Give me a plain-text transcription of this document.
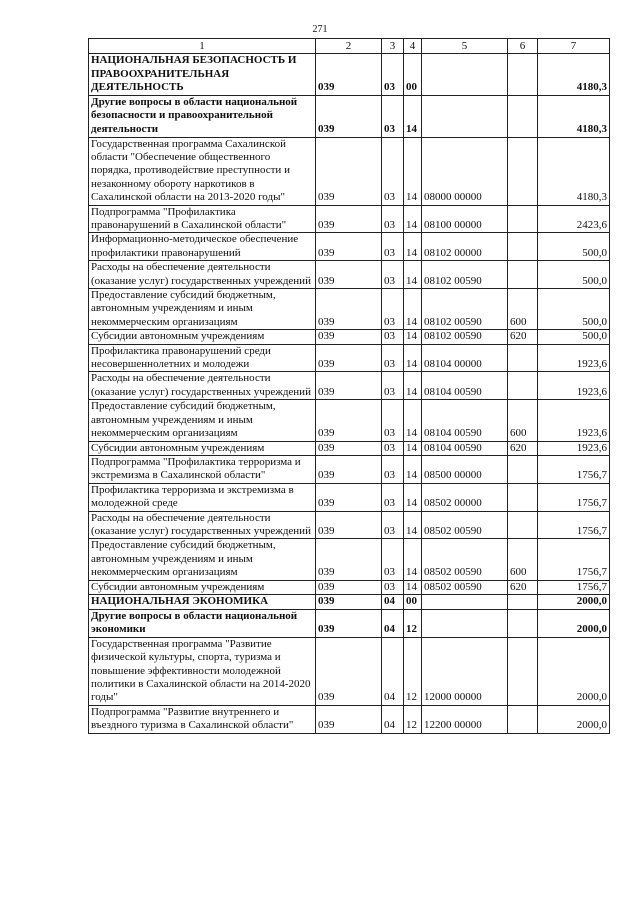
271
1	2	3	4	5	6	7
НАЦИОНАЛЬНАЯ БЕЗОПАСНОСТЬ И ПРАВООХРАНИТЕЛЬНАЯ ДЕЯТЕЛЬНОСТЬ	039	03	00			4180,3
Другие вопросы в области национальной безопасности и правоохранительной деятельности	039	03	14			4180,3
Государственная программа Сахалинской области "Обеспечение общественного порядка, противодействие преступности и незаконному обороту наркотиков в Сахалинской области на 2013-2020 годы"	039	03	14	08000 00000		4180,3
Подпрограмма "Профилактика правонарушений в Сахалинской области"	039	03	14	08100 00000		2423,6
Информационно-методическое обеспечение профилактики правонарушений	039	03	14	08102 00000		500,0
Расходы на обеспечение деятельности (оказание услуг) государственных учреждений	039	03	14	08102 00590		500,0
Предоставление субсидий бюджетным, автономным учреждениям и иным некоммерческим организациям	039	03	14	08102 00590	600	500,0
Субсидии автономным учреждениям	039	03	14	08102 00590	620	500,0
Профилактика правонарушений среди несовершеннолетних и молодежи	039	03	14	08104 00000		1923,6
Расходы на обеспечение деятельности (оказание услуг) государственных учреждений	039	03	14	08104 00590		1923,6
Предоставление субсидий бюджетным, автономным учреждениям и иным некоммерческим организациям	039	03	14	08104 00590	600	1923,6
Субсидии автономным учреждениям	039	03	14	08104 00590	620	1923,6
Подпрограмма "Профилактика терроризма и экстремизма в Сахалинской области"	039	03	14	08500 00000		1756,7
Профилактика терроризма и экстремизма в молодежной среде	039	03	14	08502 00000		1756,7
Расходы на обеспечение деятельности (оказание услуг) государственных учреждений	039	03	14	08502 00590		1756,7
Предоставление субсидий бюджетным, автономным учреждениям и иным некоммерческим организациям	039	03	14	08502 00590	600	1756,7
Субсидии автономным учреждениям	039	03	14	08502 00590	620	1756,7
НАЦИОНАЛЬНАЯ ЭКОНОМИКА	039	04	00			2000,0
Другие вопросы в области национальной экономики	039	04	12			2000,0
Государственная программа "Развитие физической культуры, спорта, туризма и повышение эффективности молодежной политики в Сахалинской области на 2014-2020 годы"	039	04	12	12000 00000		2000,0
Подпрограмма "Развитие внутреннего и въездного туризма в Сахалинской области"	039	04	12	12200 00000		2000,0
